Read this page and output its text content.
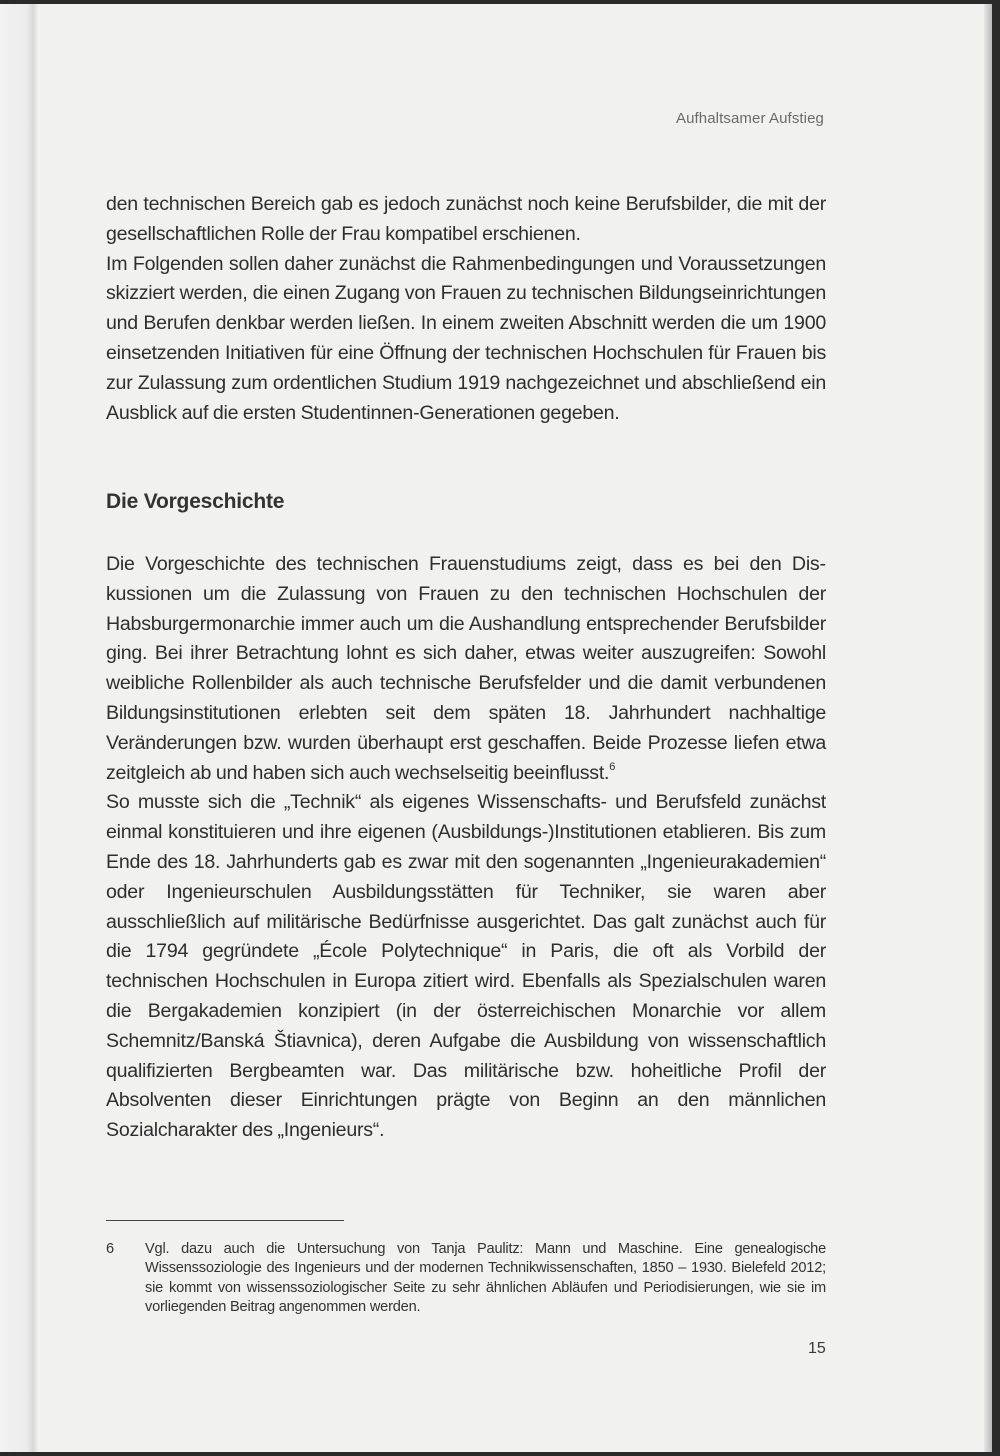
Aufhaltsamer Aufstieg

den technischen Bereich gab es jedoch zunächst noch keine Berufsbilder, die mit der gesellschaftlichen Rolle der Frau kompatibel erschienen.

Im Folgenden sollen daher zunächst die Rahmenbedingungen und Voraussetzungen skizziert werden, die einen Zugang von Frauen zu technischen Bildungseinrichtungen und Berufen denkbar werden ließen. In einem zweiten Abschnitt werden die um 1900 einsetzenden Initiativen für eine Öffnung der technischen Hochschulen für Frauen bis zur Zulassung zum ordentlichen Studium 1919 nachgezeichnet und abschließend ein Ausblick auf die ersten Studentinnen-Generationen gegeben.

Die Vorgeschichte

Die Vorgeschichte des technischen Frauenstudiums zeigt, dass es bei den Diskussionen um die Zulassung von Frauen zu den technischen Hochschulen der Habsburgermonarchie immer auch um die Aushandlung entsprechender Berufsbilder ging. Bei ihrer Betrachtung lohnt es sich daher, etwas weiter auszugreifen: Sowohl weibliche Rollenbilder als auch technische Berufsfelder und die damit verbundenen Bildungsinstitutionen erlebten seit dem späten 18. Jahrhundert nachhaltige Veränderungen bzw. wurden überhaupt erst geschaffen. Beide Prozesse liefen etwa zeitgleich ab und haben sich auch wechselseitig beeinflusst.$^6$

So musste sich die „Technik“ als eigenes Wissenschafts- und Berufsfeld zunächst einmal konstituieren und ihre eigenen (Ausbildungs-)Institutionen etablieren. Bis zum Ende des 18. Jahrhunderts gab es zwar mit den sogenannten „Ingenieurakademien“ oder Ingenieurschulen Ausbildungsstätten für Techniker, sie waren aber ausschließlich auf militärische Bedürfnisse ausgerichtet. Das galt zunächst auch für die 1794 gegründete „École Polytechnique“ in Paris, die oft als Vorbild der technischen Hochschulen in Europa zitiert wird. Ebenfalls als Spezialschulen waren die Bergakademien konzipiert (in der österreichischen Monarchie vor allem Schemnitz/Banská Štiavnica), deren Aufgabe die Ausbildung von wissenschaftlich qualifizierten Bergbeamten war. Das militärische bzw. hoheitliche Profil der Absolventen dieser Einrichtungen prägte von Beginn an den männlichen Sozialcharakter des „Ingenieurs“.

6	Vgl. dazu auch die Untersuchung von Tanja Paulitz: Mann und Maschine. Eine genealogische Wissenssoziologie des Ingenieurs und der modernen Technikwissenschaften, 1850 – 1930. Bielefeld 2012; sie kommt von wissenssoziologischer Seite zu sehr ähnlichen Abläufen und Periodisierungen, wie sie im vorliegenden Beitrag angenommen werden.
15
